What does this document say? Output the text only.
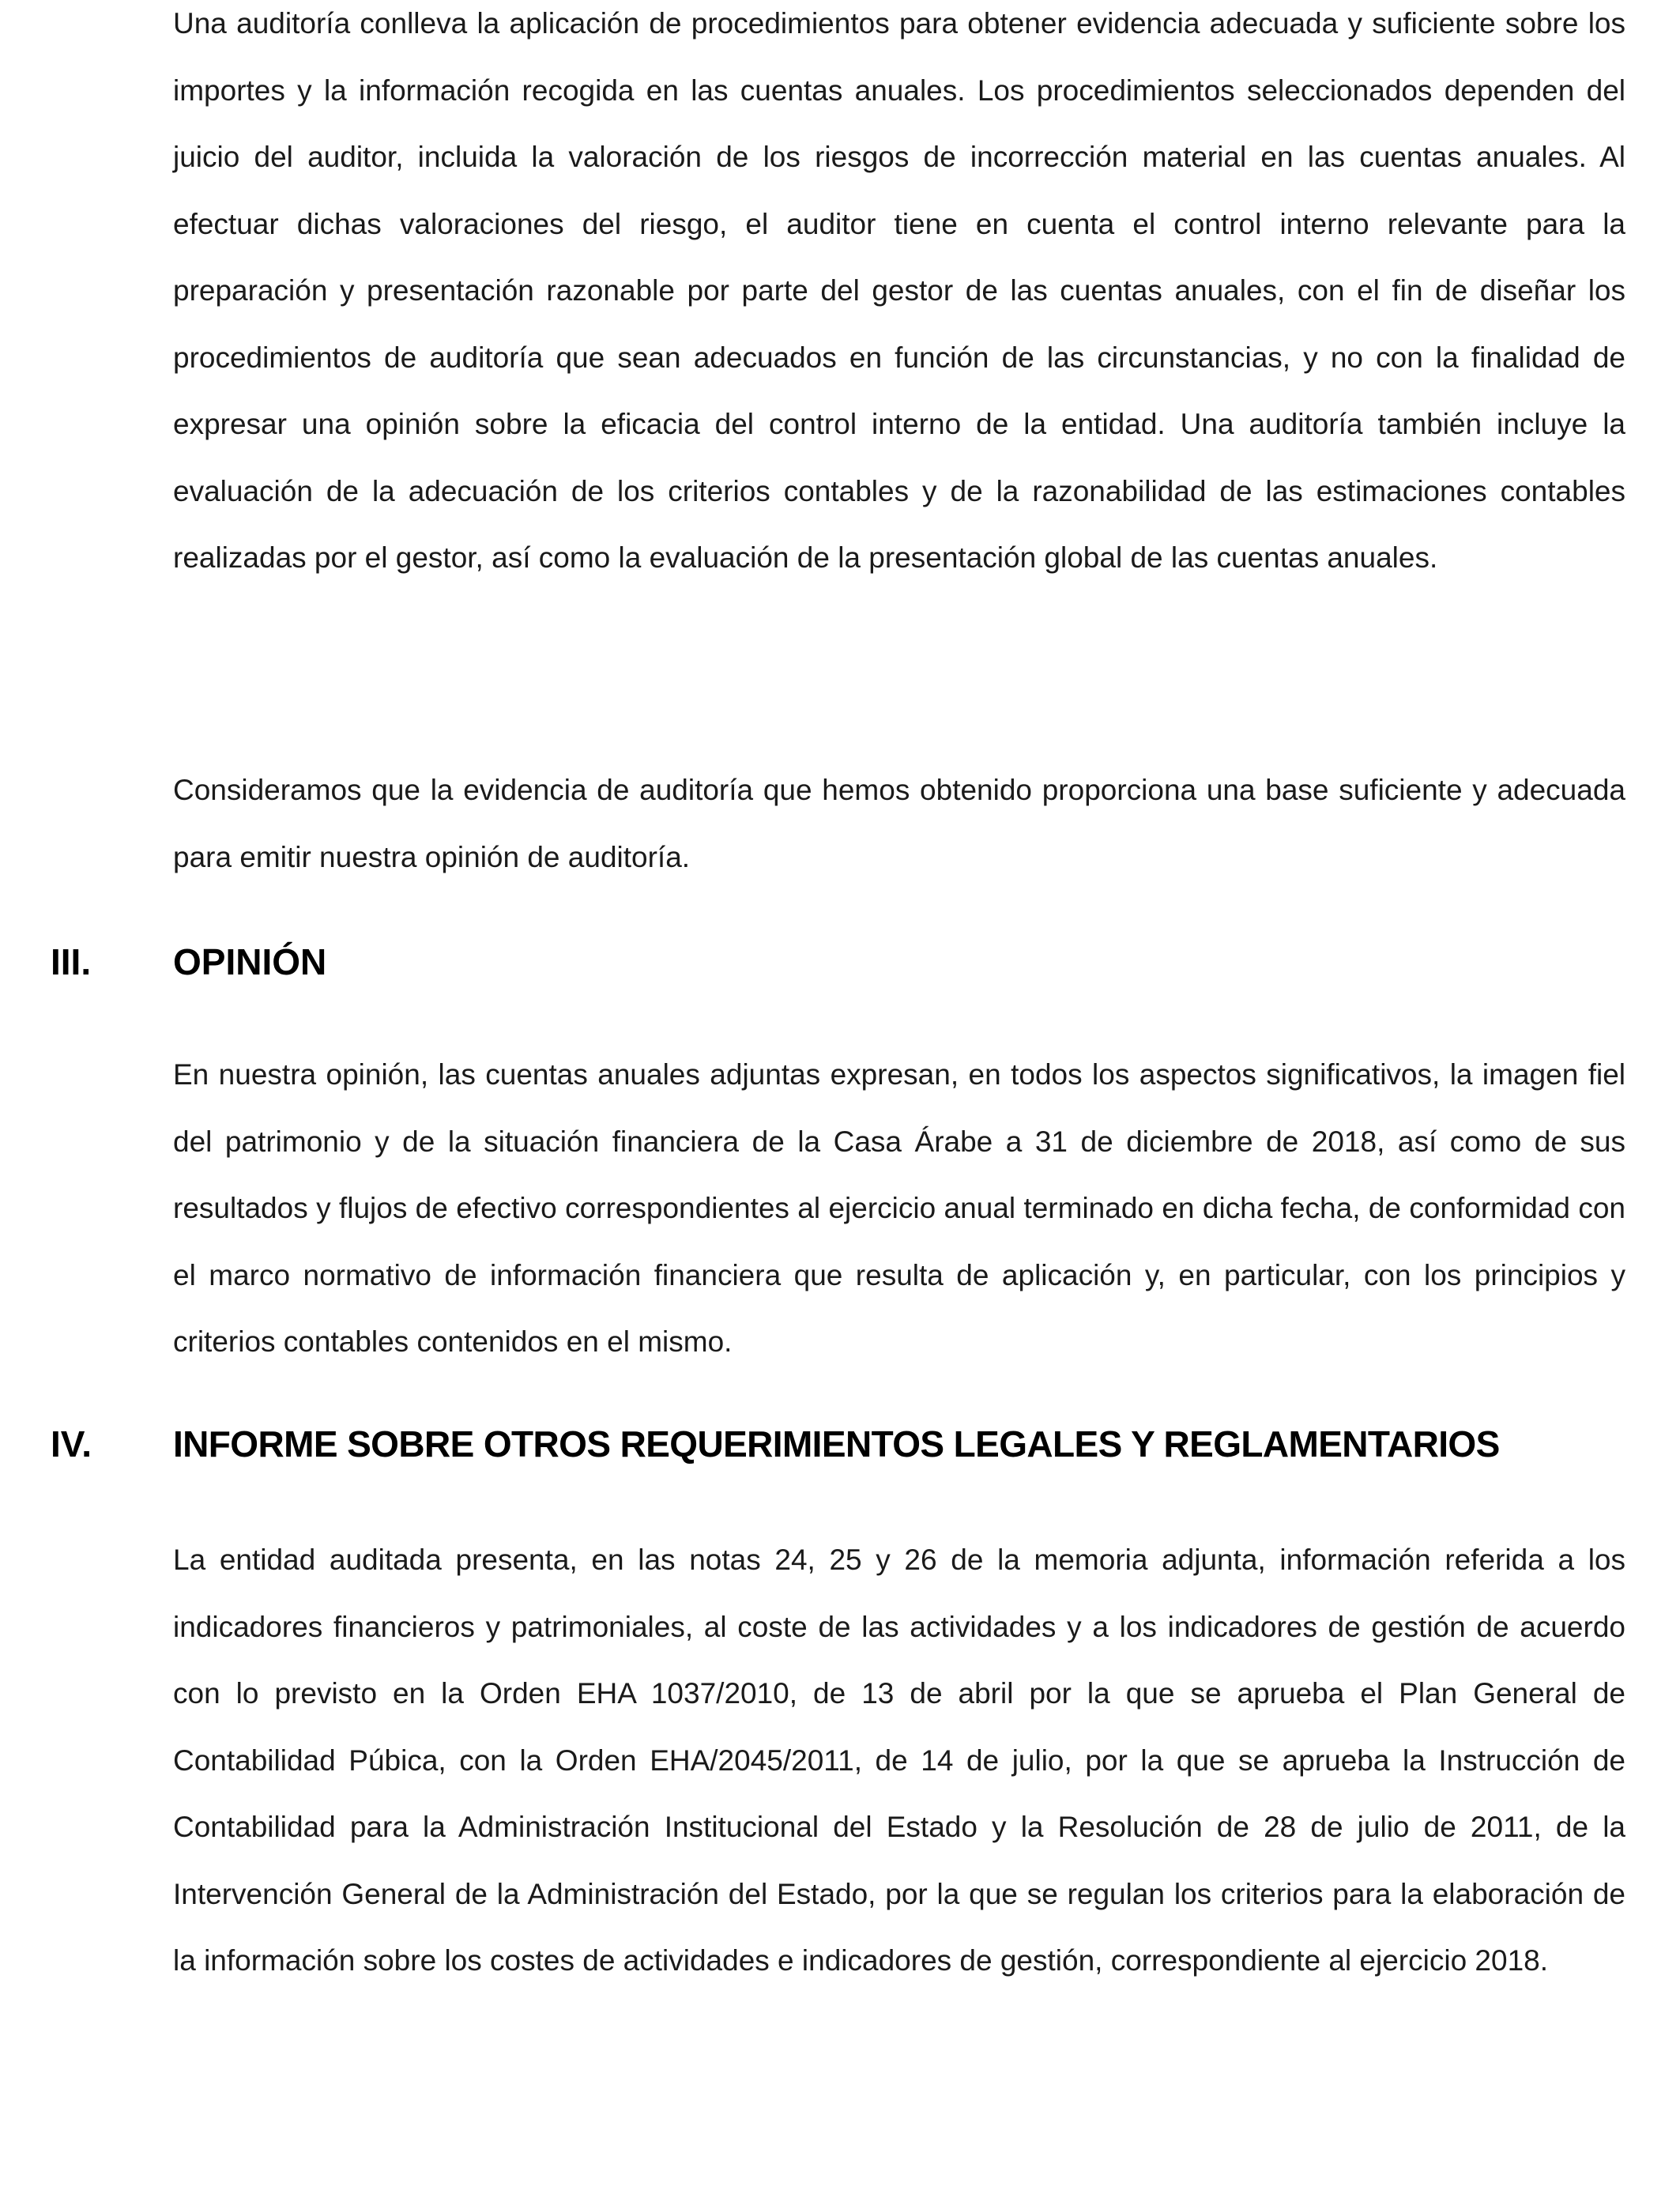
Una auditoría conlleva la aplicación de procedimientos para obtener evidencia adecuada y suficiente sobre los importes y la información recogida en las cuentas anuales. Los procedimientos seleccionados dependen del juicio del auditor, incluida la valoración de los riesgos de incorrección material en las cuentas anuales. Al efectuar dichas valoraciones del riesgo, el auditor tiene en cuenta el control interno relevante para la preparación y presentación razonable por parte del gestor de las cuentas anuales, con el fin de diseñar los procedimientos de auditoría que sean adecuados en función de las circunstancias, y no con la finalidad de expresar una opinión sobre la eficacia del control interno de la entidad. Una auditoría también incluye la evaluación de la adecuación de los criterios contables y de la razonabilidad de las estimaciones contables realizadas por el gestor, así como la evaluación de la presentación global de las cuentas anuales.

Consideramos que la evidencia de auditoría que hemos obtenido proporciona una base suficiente y adecuada para emitir nuestra opinión de auditoría.

III. OPINIÓN

En nuestra opinión, las cuentas anuales adjuntas expresan, en todos los aspectos significativos, la imagen fiel del patrimonio y de la situación financiera de la Casa Árabe a 31 de diciembre de 2018, así como de sus resultados y flujos de efectivo correspondientes al ejercicio anual terminado en dicha fecha, de conformidad con el marco normativo de información financiera que resulta de aplicación y, en particular, con los principios y criterios contables contenidos en el mismo.

IV. INFORME SOBRE OTROS REQUERIMIENTOS LEGALES Y REGLAMENTARIOS

La entidad auditada presenta, en las notas 24, 25 y 26 de la memoria adjunta, información referida a los indicadores financieros y patrimoniales, al coste de las actividades y a los indicadores de gestión de acuerdo con lo previsto en la Orden EHA 1037/2010, de 13 de abril por la que se aprueba el Plan General de Contabilidad Púbica, con la Orden EHA/2045/2011, de 14 de julio, por la que se aprueba la Instrucción de Contabilidad para la Administración Institucional del Estado y la Resolución de 28 de julio de 2011, de la Intervención General de la Administración del Estado, por la que se regulan los criterios para la elaboración de la información sobre los costes de actividades e indicadores de gestión, correspondiente al ejercicio 2018.
